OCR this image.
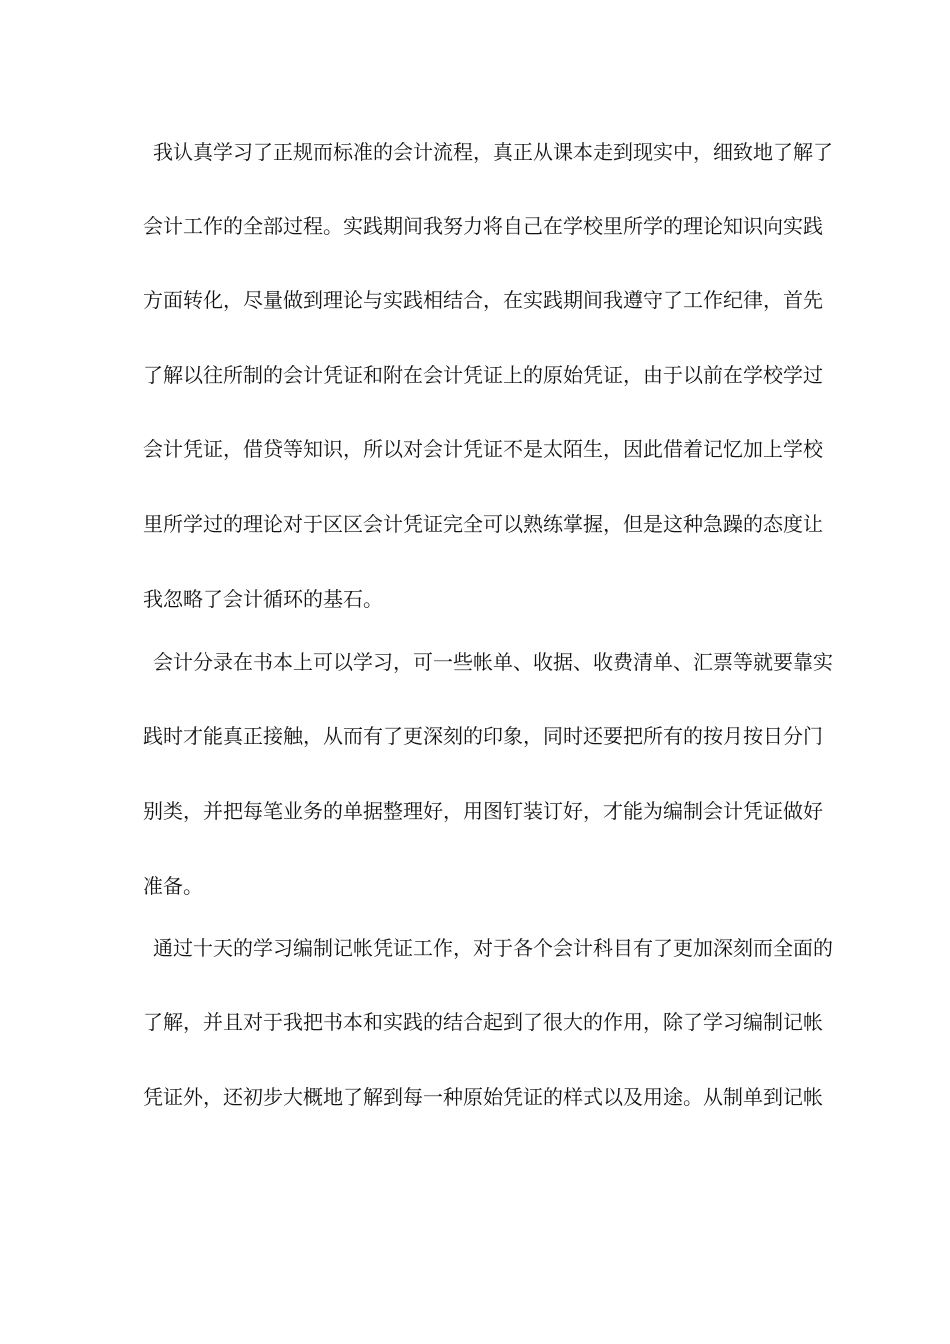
我认真学习了正规而标准的会计流程，真正从课本走到现实中，细致地了解了
会计工作的全部过程。实践期间我努力将自己在学校里所学的理论知识向实践
方面转化，尽量做到理论与实践相结合，在实践期间我遵守了工作纪律，首先
了解以往所制的会计凭证和附在会计凭证上的原始凭证，由于以前在学校学过
会计凭证，借贷等知识，所以对会计凭证不是太陌生，因此借着记忆加上学校
里所学过的理论对于区区会计凭证完全可以熟练掌握，但是这种急躁的态度让
我忽略了会计循环的基石。
会计分录在书本上可以学习，可一些帐单、收据、收费清单、汇票等就要靠实
践时才能真正接触，从而有了更深刻的印象，同时还要把所有的按月按日分门
别类，并把每笔业务的单据整理好，用图钉装订好，才能为编制会计凭证做好
准备。
通过十天的学习编制记帐凭证工作，对于各个会计科目有了更加深刻而全面的
了解，并且对于我把书本和实践的结合起到了很大的作用，除了学习编制记帐
凭证外，还初步大概地了解到每一种原始凭证的样式以及用途。从制单到记帐
